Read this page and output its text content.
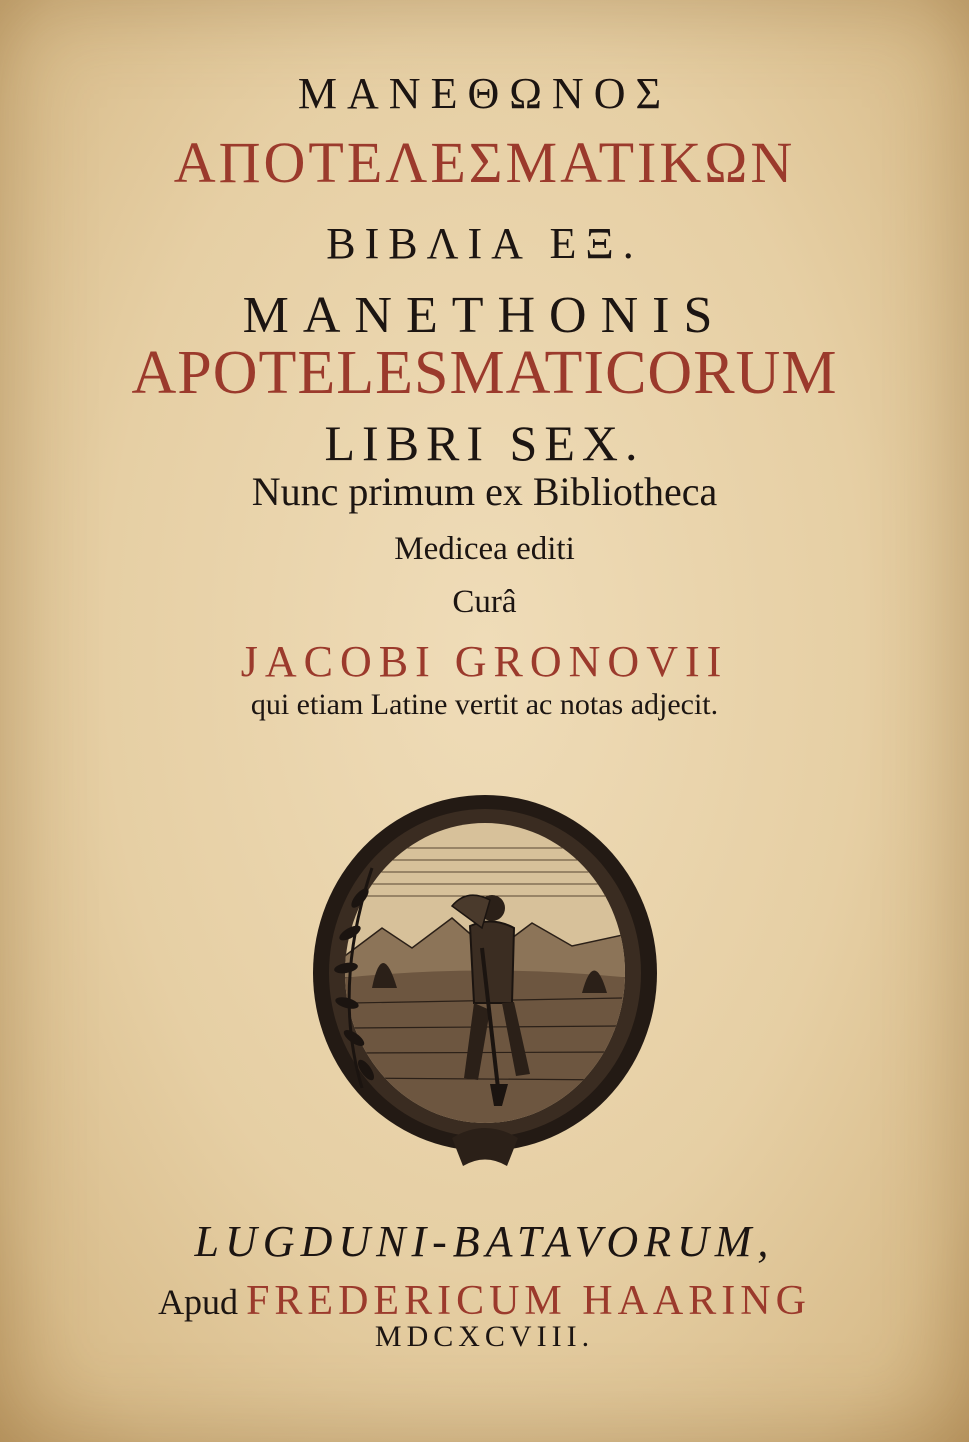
ΜΑΝΕΘΩΝΟΣ
ΑΠΟΤΕΛΕΣΜΑΤΙΚΩΝ
ΒΙΒΛΙΑ ΕΞ.
MANETHONIS
APOTELESMATICORUM
LIBRI SEX.
Nunc primum ex Bibliotheca
Medicea editi
Curâ
JACOBI GRONOVII
qui etiam Latine vertit ac notas adjecit.
LUGDUNI-BATAVORUM,
Apud FREDERICUM HAARING
MDCXCVIII.
